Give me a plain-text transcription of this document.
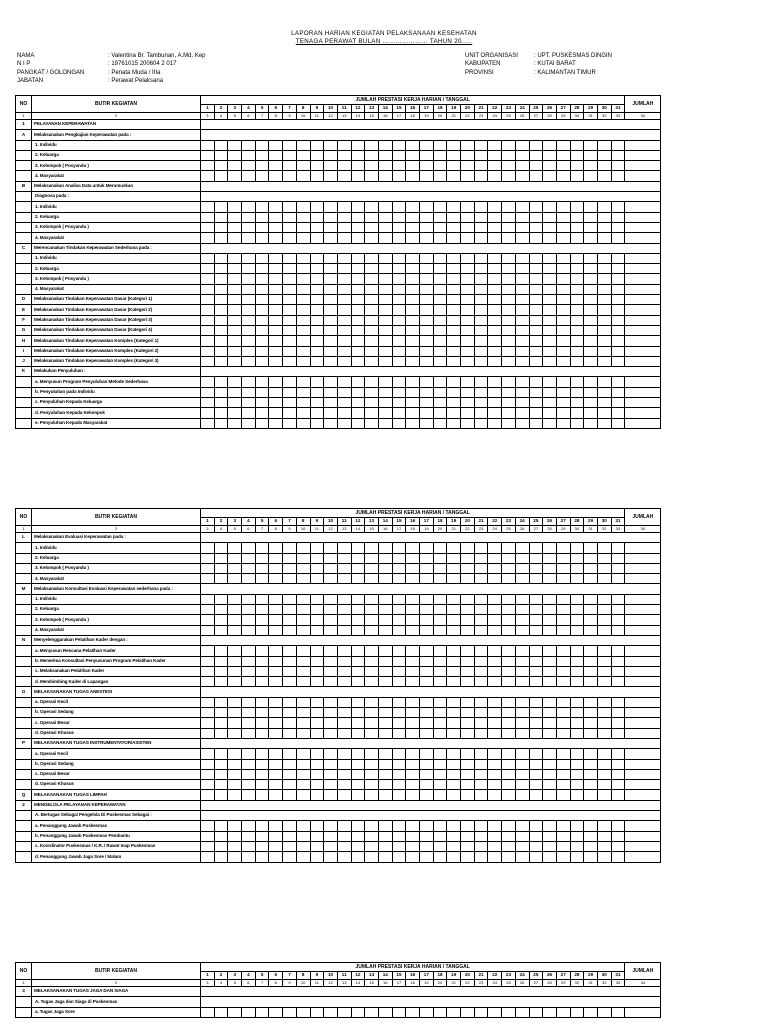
LAPORAN HARIAN KEGIATAN PELAKSANAAN KESEHATAN
TENAGA PERAWAT BULAN ………………… TAHUN 20…..
NAMA	: Valentina Br. Tambunan, A.Md. Kep
N I P	: 19761015 200604 2 017
PANGKAT / GOLONGAN	: Penata Muda / IIIa
JABATAN	: Perawat Pelaksana
UNIT ORGANISASI	: UPT. PUSKESMAS DINGIN
KABUPATEN	: KUTAI BARAT
PROVINSI	: KALIMANTAN TIMUR
NO	BUTIR KEGIATAN	JUMLAH PRESTASI KERJA HARIAN / TANGGAL																															JUMLAH
		1	2	3	4	5	6	7	8	9	10	11	12	13	14	15	16	17	18	19	20	21	22	23	24	25	26	27	28	29	30	31	
1	2	3	4	5	6	7	8	9	10	11	12	13	14	15	16	17	18	19	20	21	22	23	24	25	26	27	28	29	30	31	32	33	34
1	PELAYANAN KEPERAWATAN																																
A	Melaksanakan Pengkajian Keperawatan pada :																																
	1. Individu																																
	2. Keluarga																																
	3. Kelompok ( Posyandu )																																
	4. Masyarakat																																
B	Melaksanakan Analisa Data untuk Merumuskan																																
	Diagnosa pada :																																
	1. Individu																																
	2. Keluarga																																
	3. Kelompok ( Posyandu )																																
	4. Masyarakat																																
C	Merencanakan Tindakan Keperawatan Sederhana pada :																																
	1. Individu																																
	2. Keluarga																																
	3. Kelompok ( Posyandu )																																
	4. Masyarakat																																
D	Melaksanakan Tindakan Keperawatan Dasar (Kategori 1)																																
E	Melaksanakan Tindakan Keperawatan Dasar (Kategori 2)																																
F	Melaksanakan Tindakan Keperawatan Dasar (Kategori 3)																																
G	Melaksanakan Tindakan Keperawatan Dasar (Kategori 4)																																
H	Melaksanakan Tindakan Keperawatan Komplex (Kategori 1)																																
I	Melaksanakan Tindakan Keperawatan Komplex (Kategori 2)																																
J	Melaksanakan Tindakan Keperawatan Komplex (Kategori 3)																																
K	Melakukan Penyuluhan :																																
	a. Menyusun Program Penyuluhan Metode Sederhana																																
	b. Penyuluhan pada Individu																																
	c. Penyuluhan Kepada Keluarga																																
	d. Penyuluhan Kepada Kelompok																																
	e. Penyuluhan Kepada Masyarakat																																
NO	BUTIR KEGIATAN	JUMLAH PRESTASI KERJA HARIAN / TANGGAL																															JUMLAH
		1	2	3	4	5	6	7	8	9	10	11	12	13	14	15	16	17	18	19	20	21	22	23	24	25	26	27	28	29	30	31	
1	2	3	4	5	6	7	8	9	10	11	12	13	14	15	16	17	18	19	20	21	22	23	24	25	26	27	28	29	30	31	32	33	34
L	Melaksanakan Evaluasi Keperawatan pada :																																
	1. Individu																																
	2. Keluarga																																
	3. Kelompok ( Posyandu )																																
	4. Masyarakat																																
M	Melaksanakan Konsultasi Evaluasi Keperawatan sederhana pada :																																
	1. Individu																																
	2. Keluarga																																
	3. Kelompok ( Posyandu )																																
	4. Masyarakat																																
N	Menyelenggarakan Pelatihan Kader dengan :																																
	a. Menyusun Rencana Pelatihan Kader																																
	b. Menerima Konsultasi Penyusunan Program Pelatihan Kader																																
	c. Melaksanakan Pelatihan Kader																																
	d. Membimbing Kader di Lapangan																																
O	MELAKSANAKAN TUGAS ANESTESI																																
	a. Operasi Kecil																																
	b. Operasi Sedang																																
	c. Operasi Besar																																
	d. Operasi Khusus																																
P	MELAKSANAKAN TUGAS INSTRUMENTATOR/ASISTEN																																
	a. Operasi Kecil																																
	b. Operasi Sedang																																
	c. Operasi Besar																																
	d. Operasi Khusus																																
Q	MELAKSANAKAN TUGAS LIMPAH																																
2	MENGELOLA PELAYANAN KEPERAWATAN																																
	A. Bertugas Sebagai Pengelola Di Puskesmas Sebagai :																																
	a. Penanggung Jawab Puskesmas																																
	b. Penanggung Jawab Puskesmas Pembantu																																
	c. Koordinator Puskesmas / K.R. / Rawat Inap Puskesmas																																
	d. Penanggung Jawab Jaga Sore / Malam																																
NO	BUTIR KEGIATAN	JUMLAH PRESTASI KERJA HARIAN / TANGGAL																															JUMLAH
		1	2	3	4	5	6	7	8	9	10	11	12	13	14	15	16	17	18	19	20	21	22	23	24	25	26	27	28	29	30	31	
1	2	3	4	5	6	7	8	9	10	11	12	13	14	15	16	17	18	19	20	21	22	23	24	25	26	27	28	29	30	31	32	33	34
3	MELAKSANAKAN TUGAS JAGA DAN SIAGA																																
	A. Tugas Jaga dan Siaga di Puskesmas																																
	a. Tugas Jaga Sore																																
